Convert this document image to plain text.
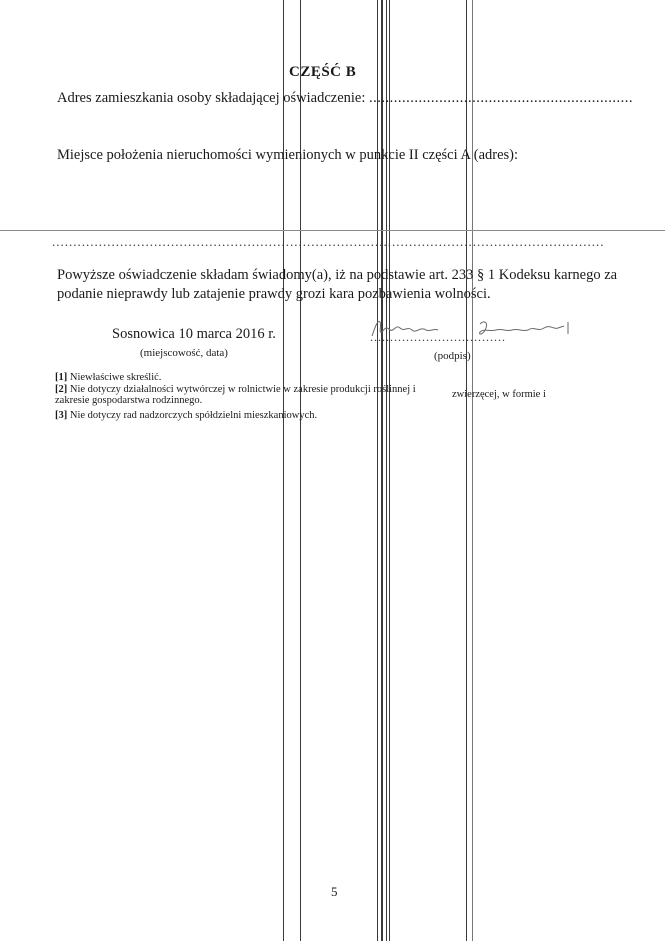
CZĘŚĆ B
Adres zamieszkania osoby składającej oświadczenie: ................................................................
Miejsce położenia nieruchomości wymienionych w punkcie II części A (adres):
..................................................................................................................................
Powyższe oświadczenie składam świadomy(a), iż na podstawie art. 233 § 1 Kodeksu karnego za
podanie nieprawdy lub zatajenie prawdy grozi kara pozbawienia wolności.
Sosnowica 10 marca 2016 r.	..................................
(miejscowość, data)	(podpis)
[1] Niewłaściwe skreślić.
[2] Nie dotyczy działalności wytwórczej w rolnictwie w zakresie produkcji roślinnej i	zwierzęcej, w formie i
zakresie gospodarstwa rodzinnego.
[3] Nie dotyczy rad nadzorczych spółdzielni mieszkaniowych.
5
